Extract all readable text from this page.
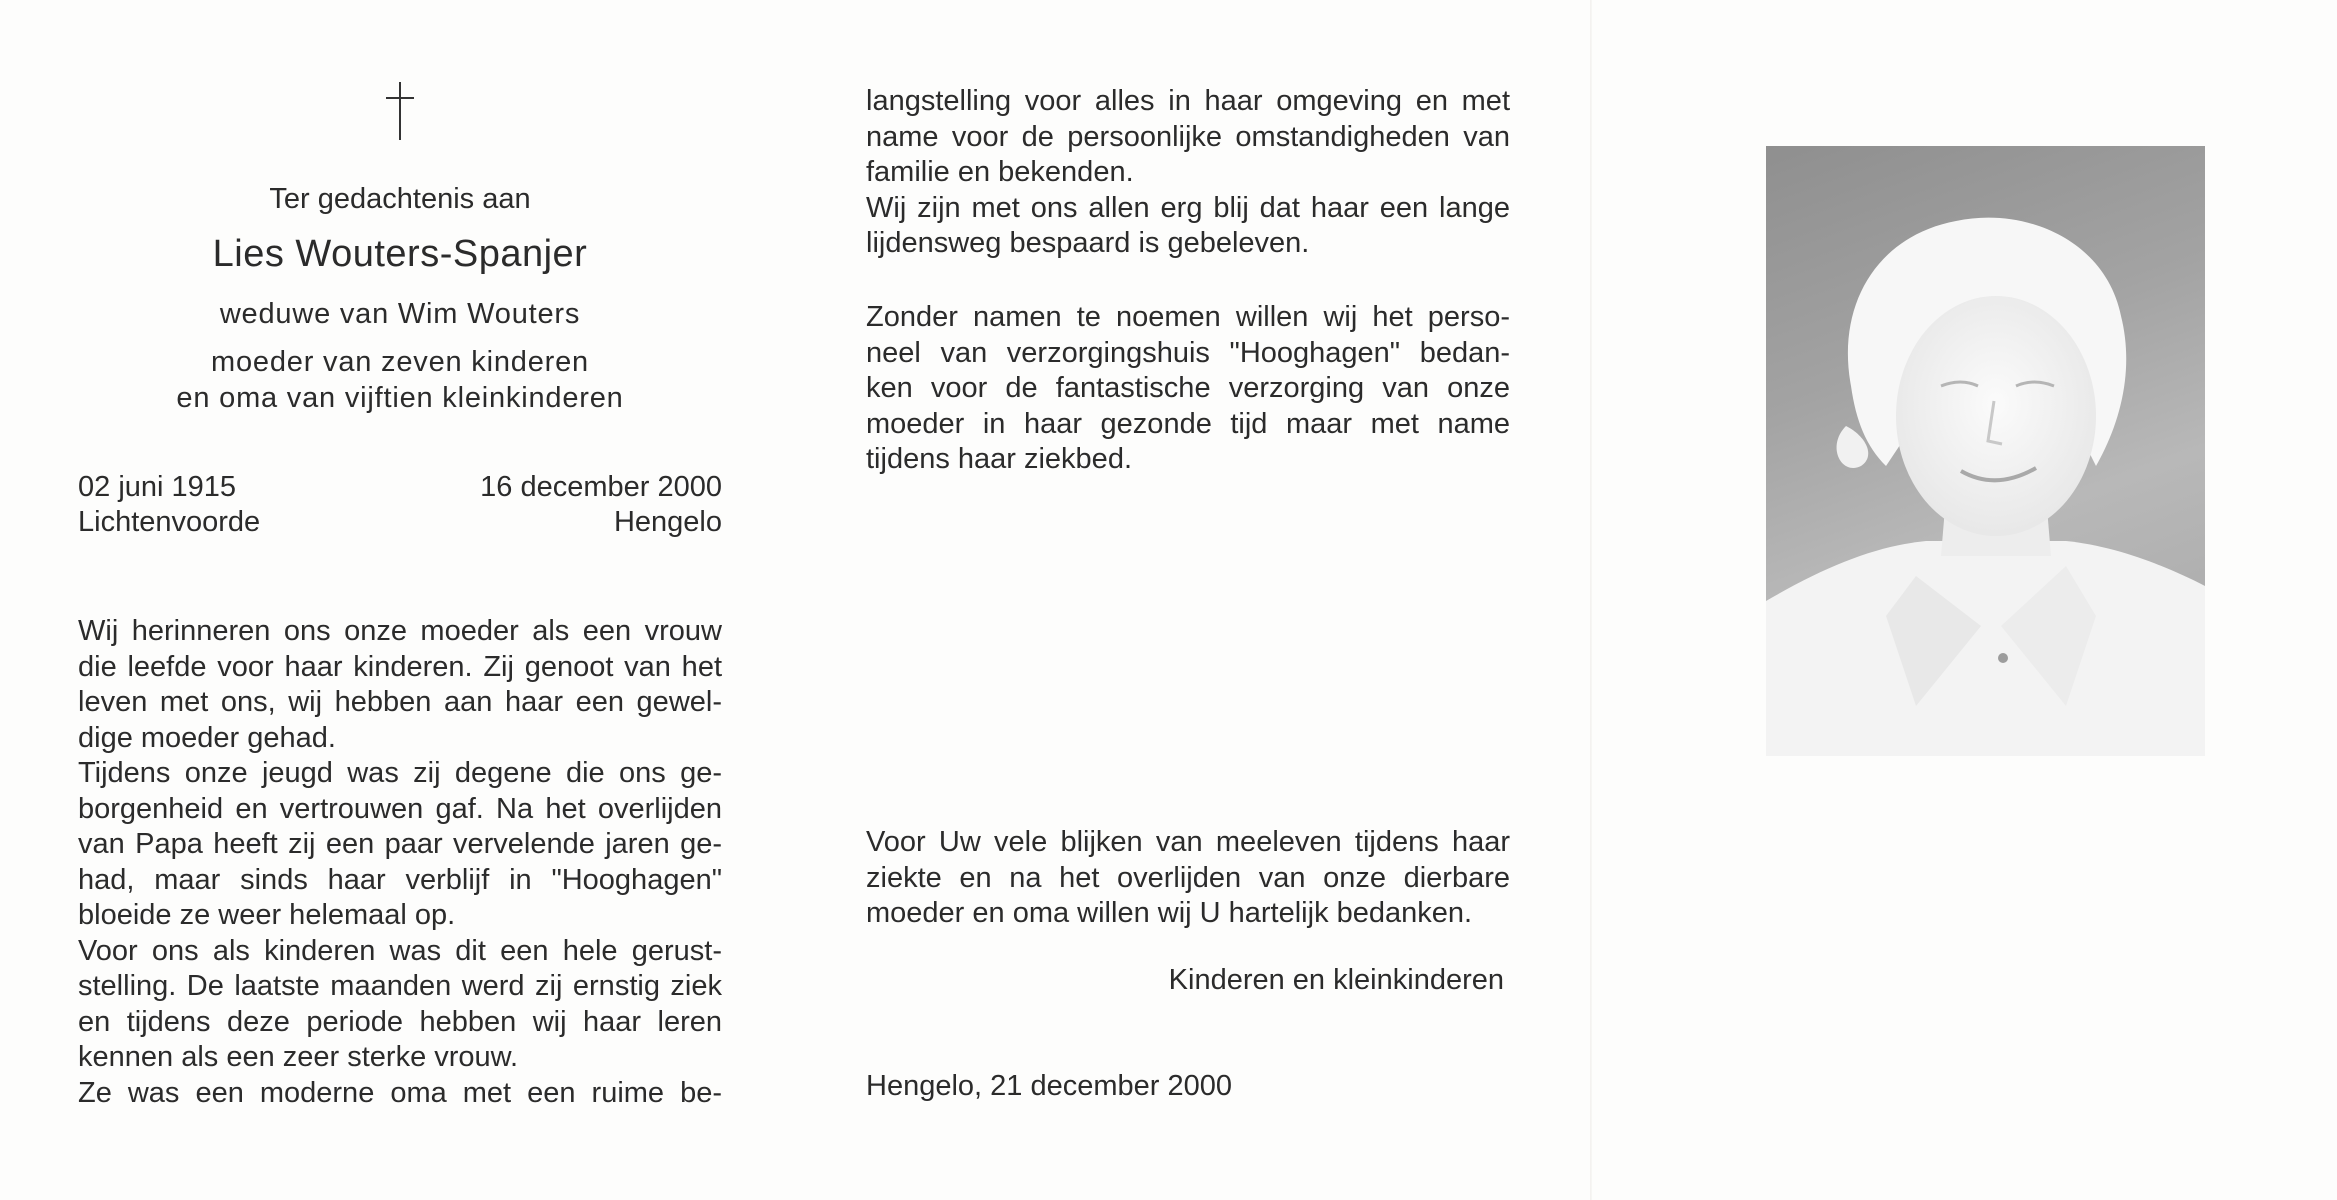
Ter gedachtenis aan
Lies Wouters-Spanjer
weduwe van Wim Wouters
moeder van zeven kinderen
en oma van vijftien kleinkinderen
02 juni 1915	16 december 2000
Lichtenvoorde	Hengelo
Wij herinneren ons onze moeder als een vrouw
die leefde voor haar kinderen. Zij genoot van het
leven met ons, wij hebben aan haar een gewel-
dige moeder gehad.
Tijdens onze jeugd was zij degene die ons ge-
borgenheid en vertrouwen gaf. Na het overlijden
van Papa heeft zij een paar vervelende jaren ge-
had, maar sinds haar verblijf in "Hooghagen"
bloeide ze weer helemaal op.
Voor ons als kinderen was dit een hele gerust-
stelling. De laatste maanden werd zij ernstig ziek
en tijdens deze periode hebben wij haar leren
kennen als een zeer sterke vrouw.
Ze was een moderne oma met een ruime be-
langstelling voor alles in haar omgeving en met
name voor de persoonlijke omstandigheden van
familie en bekenden.
Wij zijn met ons allen erg blij dat haar een lange
lijdensweg bespaard is gebeleven.
Zonder namen te noemen willen wij het perso-
neel van verzorgingshuis "Hooghagen" bedan-
ken voor de fantastische verzorging van onze
moeder in haar gezonde tijd maar met name
tijdens haar ziekbed.
Voor Uw vele blijken van meeleven tijdens haar
ziekte en na het overlijden van onze dierbare
moeder en oma willen wij U hartelijk bedanken.
Kinderen en kleinkinderen
Hengelo, 21 december 2000
